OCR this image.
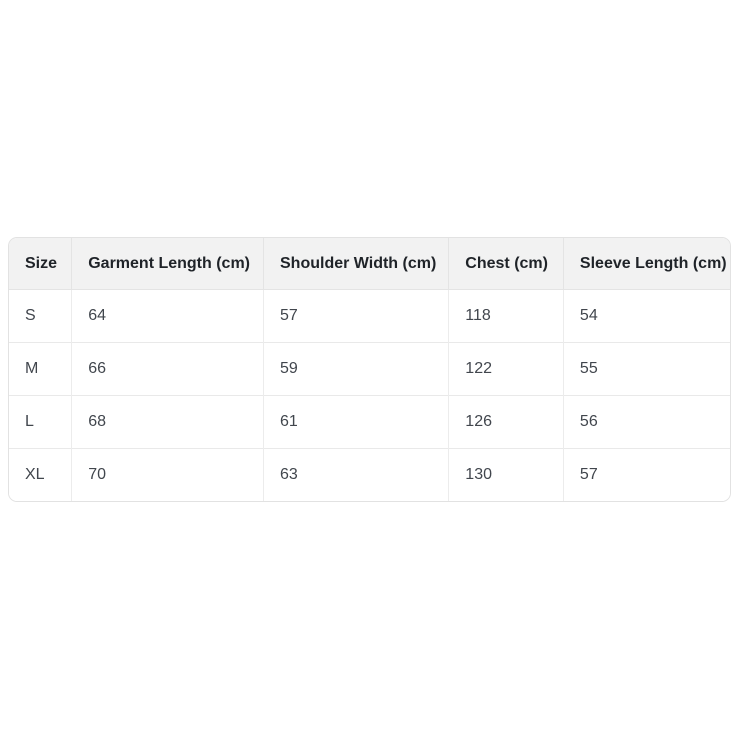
Size	Garment Length (cm)	Shoulder Width (cm)	Chest (cm)	Sleeve Length (cm)
S	64	57	118	54
M	66	59	122	55
L	68	61	126	56
XL	70	63	130	57
